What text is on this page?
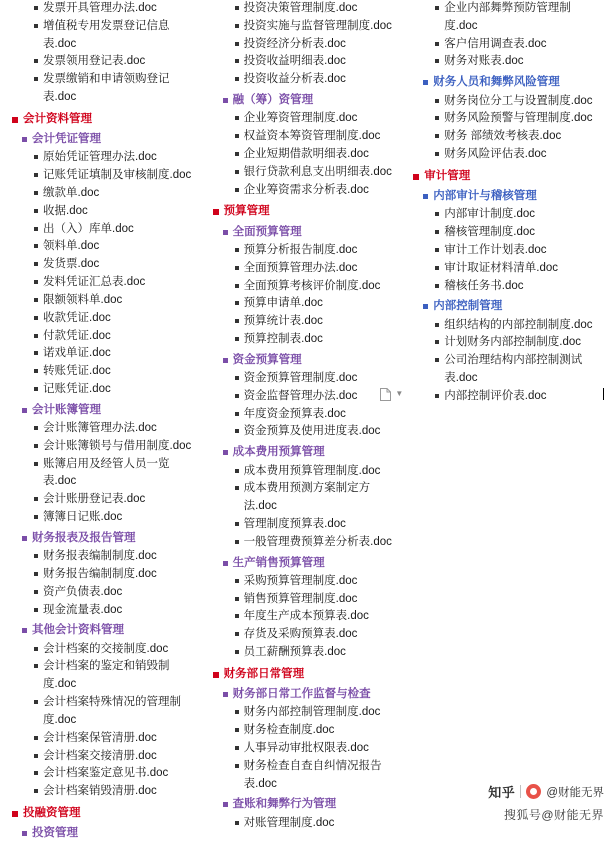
发票开具管理办法.doc
增值税专用发票登记信息表.doc
发票领用登记表.doc
发票缴销和申请领购登记表.doc
会计资料管理
会计凭证管理
原始凭证管理办法.doc
记账凭证填制及审核制度.doc
缴款单.doc
收据.doc
出（入）库单.doc
领料单.doc
发货票.doc
发料凭证汇总表.doc
限额领料单.doc
收款凭证.doc
付款凭证.doc
诺戏单证.doc
转账凭证.doc
记账凭证.doc
会计账簿管理
会计账簿管理办法.doc
会计账簿锁号与借用制度.doc
账簿启用及经管人员一览表.doc
会计账册登记表.doc
簿簿日记账.doc
财务报表及报告管理
财务报表编制制度.doc
财务报告编制制度.doc
资产负债表.doc
现金流量表.doc
其他会计资料管理
会计档案的交接制度.doc
会计档案的鉴定和销毁制度.doc
会计档案特殊情况的管理制度.doc
会计档案保管清册.doc
会计档案交接清册.doc
会计档案鉴定意见书.doc
会计档案销毁清册.doc
投融资管理
投资管理
投资决策管理制度.doc
投资实施与监督管理制度.doc
投资经济分析表.doc
投资收益明细表.doc
投资收益分析表.doc
融（筹）资管理
企业筹资管理制度.doc
权益资本筹资管理制度.doc
企业短期借款明细表.doc
银行贷款利息支出明细表.doc
企业筹资需求分析表.doc
预算管理
全面预算管理
预算分析报告制度.doc
全面预算管理办法.doc
全面预算考核评价制度.doc
预算申请单.doc
预算统计表.doc
预算控制表.doc
资金预算管理
资金预算管理制度.doc
资金监督管理办法.doc	▼
年度资金预算表.doc
资金预算及使用进度表.doc
成本费用预算管理
成本费用预算管理制度.doc
成本费用预测方案制定方法.doc
管理制度预算表.doc
一般管理费预算差分析表.doc
生产销售预算管理
采购预算管理制度.doc
销售预算管理制度.doc
年度生产成本预算表.doc
存货及采购预算表.doc
员工薪酬预算表.doc
财务部日常管理
财务部日常工作监督与检查
财务内部控制管理制度.doc
财务检查制度.doc
人事异动审批权限表.doc
财务检查自查自纠情况报告表.doc
查账和舞弊行为管理
对账管理制度.doc
企业内部舞弊预防管理制度.doc
客户信用调查表.doc
财务对账表.doc
财务人员和舞弊风险管理
财务岗位分工与设置制度.doc
财务风险预警与管理制度.doc
财务 部绩效考核表.doc
财务风险评估表.doc
审计管理
内部审计与稽核管理
内部审计制度.doc
稽核管理制度.doc
审计工作计划表.doc
审计取证材料清单.doc
稽核任务书.doc
内部控制管理
组织结构的内部控制制度.doc
计划财务内部控制制度.doc
公司治理结构内部控制测试表.doc
内部控制评价表.doc
知乎	@财能无界
搜狐号@财能无界
